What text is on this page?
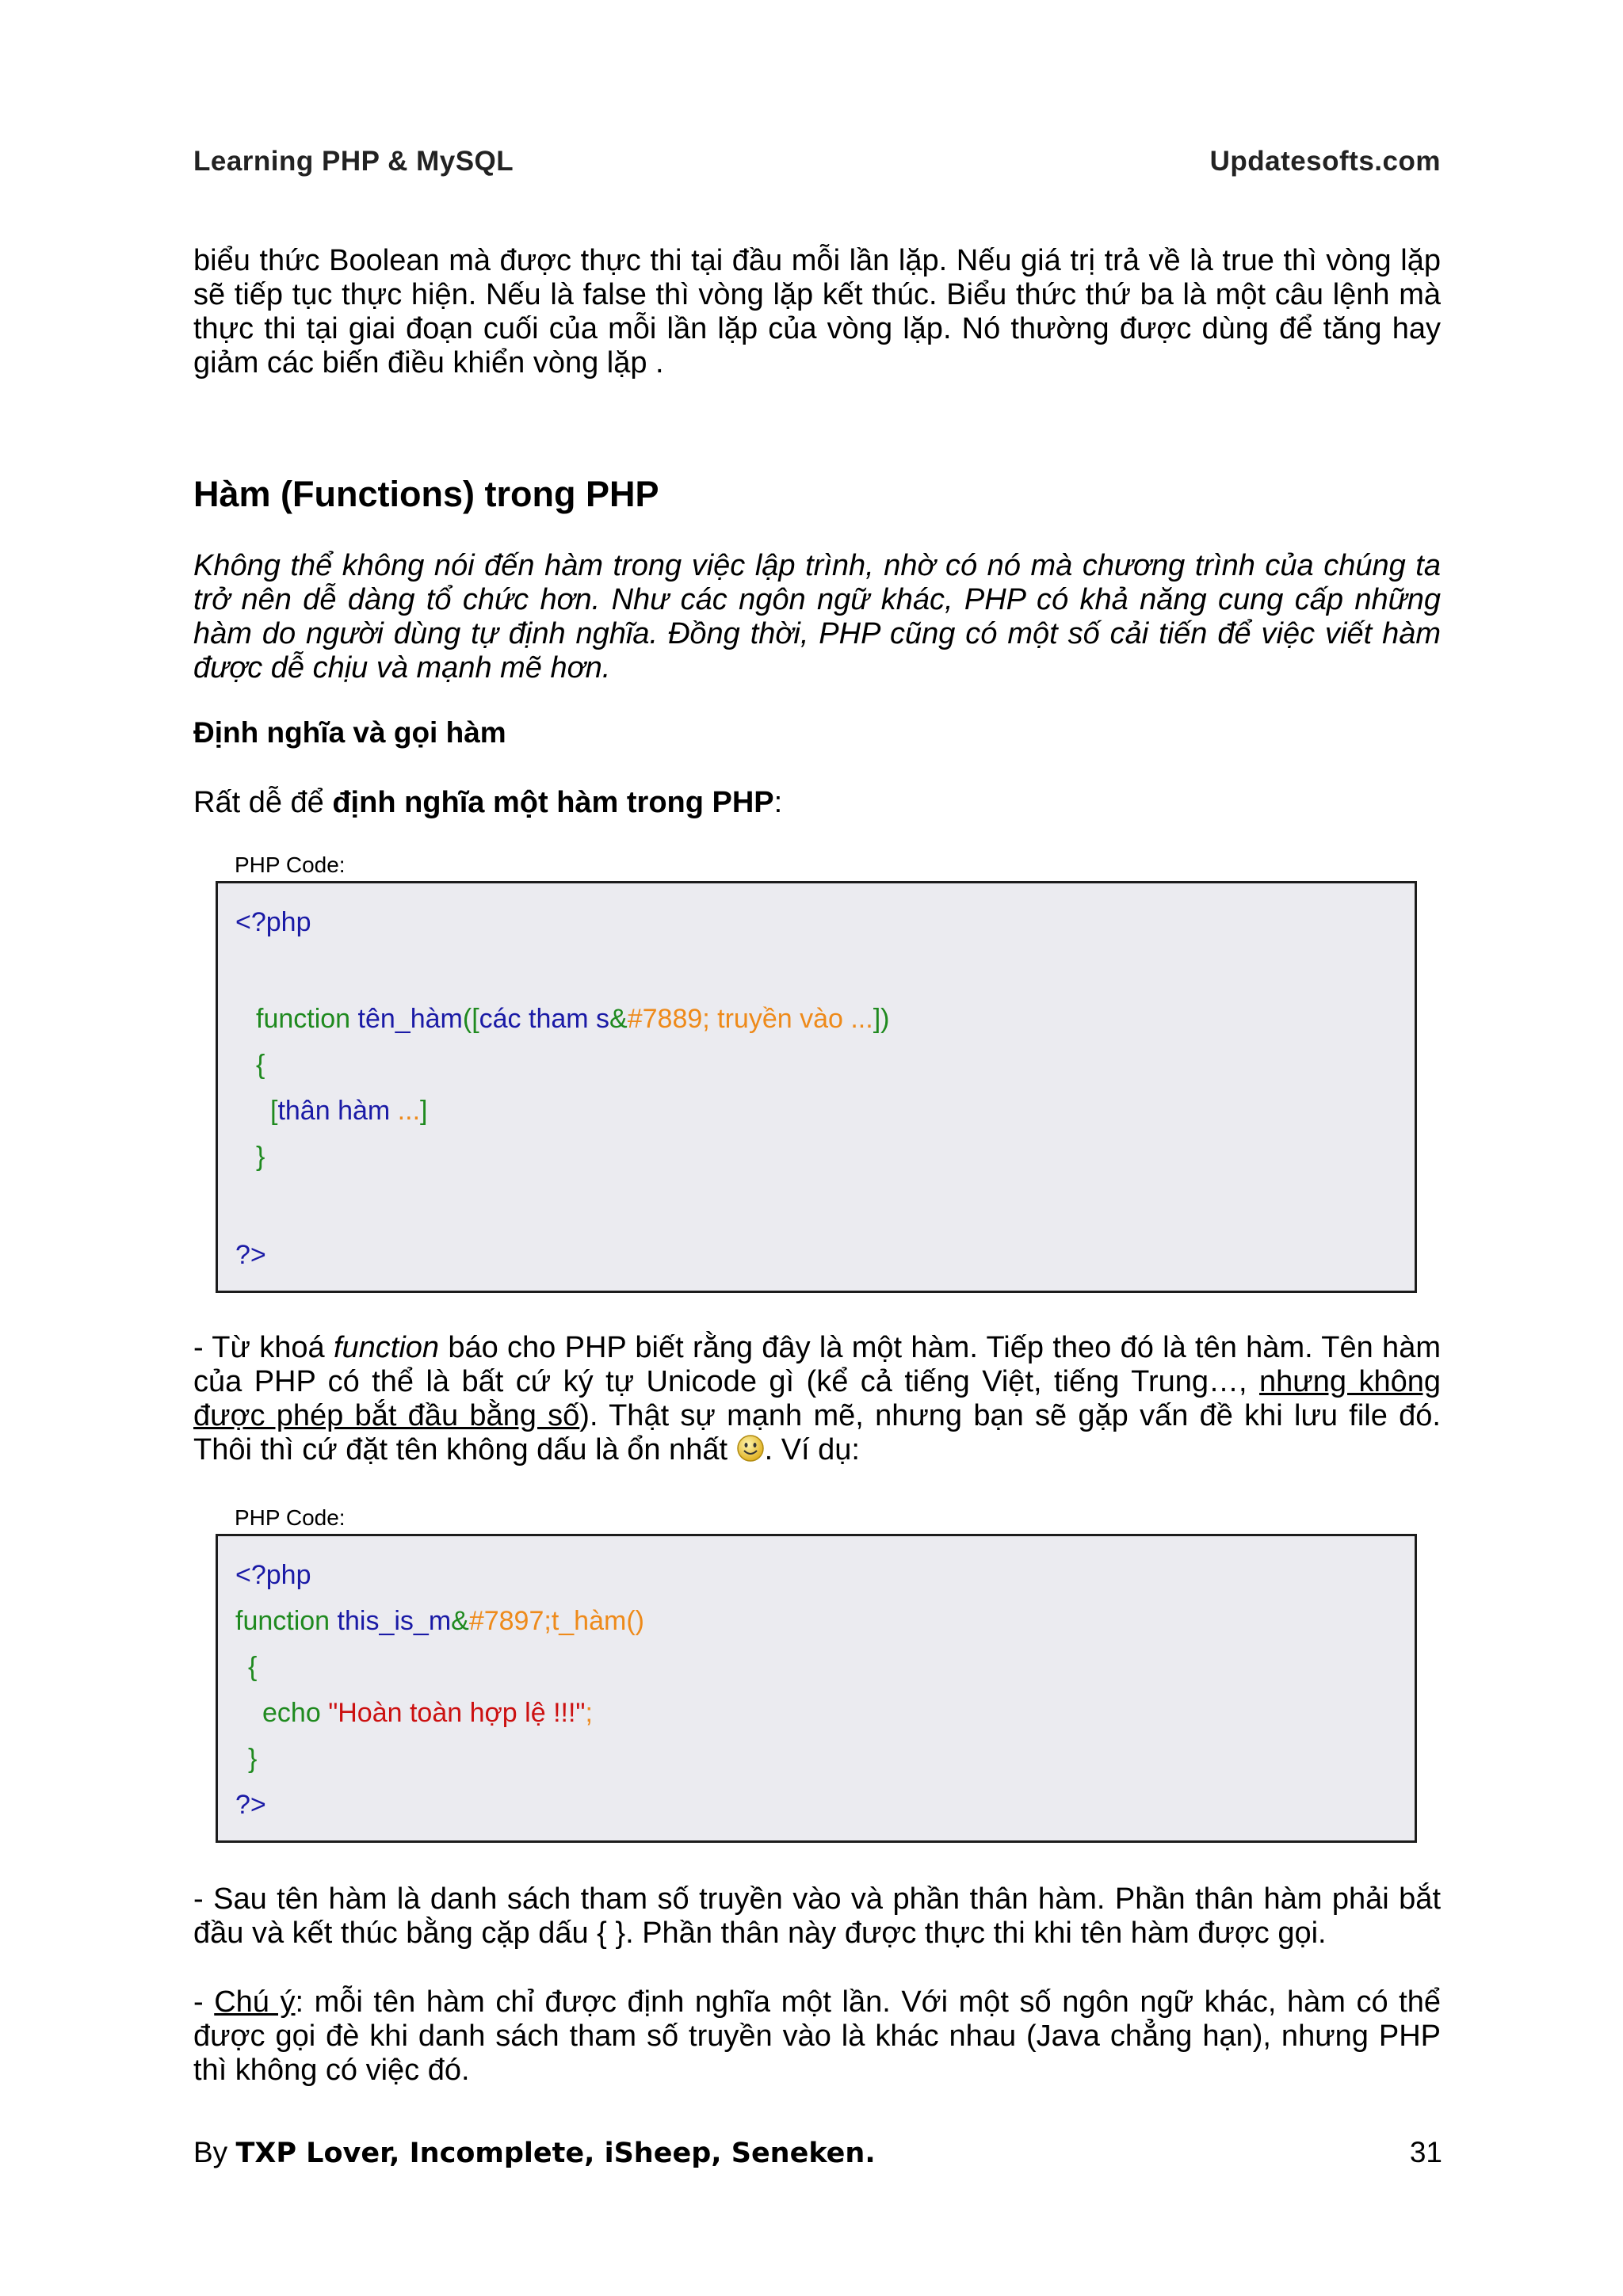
Learning PHP & MySQL	Updatesofts.com
biểu thức Boolean mà được thực thi tại đầu mỗi lần lặp. Nếu giá trị trả về là true thì vòng lặp sẽ tiếp tục thực hiện. Nếu là false thì vòng lặp kết thúc. Biểu thức thứ ba là một câu lệnh mà thực thi tại giai đoạn cuối của mỗi lần lặp của vòng lặp. Nó thường được dùng để tăng hay giảm các biến điều khiển vòng lặp .
Hàm (Functions) trong PHP
Không thể không nói đến hàm trong việc lập trình, nhờ có nó mà chương trình của chúng ta trở nên dễ dàng tổ chức hơn. Như các ngôn ngữ khác, PHP có khả năng cung cấp những hàm do người dùng tự định nghĩa. Đồng thời, PHP cũng có một số cải tiến để việc viết hàm được dễ chịu và mạnh mẽ hơn.
Định nghĩa và gọi hàm
Rất dễ để định nghĩa một hàm trong PHP:
PHP Code:
<?php
function tên_hàm([các tham s&#7889; truyền vào ...])
{
[thân hàm ...]
}
?>
- Từ khoá function báo cho PHP biết rằng đây là một hàm. Tiếp theo đó là tên hàm. Tên hàm của PHP có thể là bất cứ ký tự Unicode gì (kể cả tiếng Việt, tiếng Trung…, nhưng không được phép bắt đầu bằng số). Thật sự mạnh mẽ, nhưng bạn sẽ gặp vấn đề khi lưu file đó. Thôi thì cứ đặt tên không dấu là ổn nhất . Ví dụ:
PHP Code:
<?php
function this_is_m&#7897;t_hàm()
{
echo "Hoàn toàn hợp lệ !!!";
}
?>
- Sau tên hàm là danh sách tham số truyền vào và phần thân hàm. Phần thân hàm phải bắt đầu và kết thúc bằng cặp dấu { }. Phần thân này được thực thi khi tên hàm được gọi.
- Chú ý: mỗi tên hàm chỉ được định nghĩa một lần. Với một số ngôn ngữ khác, hàm có thể được gọi đè khi danh sách tham số truyền vào là khác nhau (Java chẳng hạn), nhưng PHP thì không có việc đó.
By TXP Lover, Incomplete, iSheep, Seneken.	31
